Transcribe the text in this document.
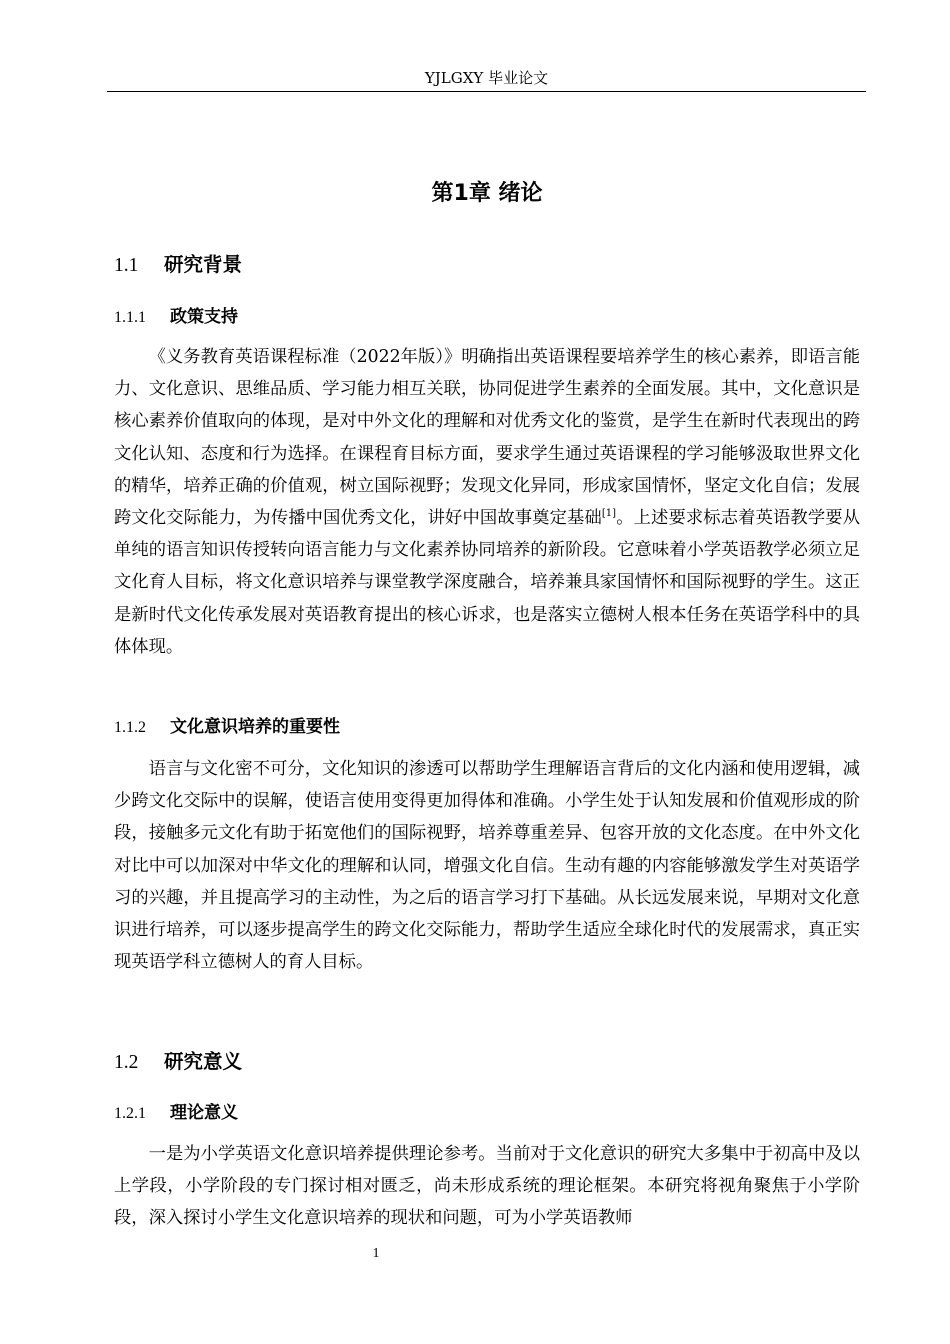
YJLGXY 毕业论文
第1章 绪论
1.1 研究背景
1.1.1 政策支持

《义务教育英语课程标准（2022年版）》明确指出英语课程要培养学生的核心素养，即语言能力、文化意识、思维品质、学习能力相互关联，协同促进学生素养的全面发展。其中，文化意识是核心素养价值取向的体现，是对中外文化的理解和对优秀文化的鉴赏，是学生在新时代表现出的跨文化认知、态度和行为选择。在课程育目标方面，要求学生通过英语课程的学习能够汲取世界文化的精华，培养正确的价值观，树立国际视野；发现文化异同，形成家国情怀，坚定文化自信；发展跨文化交际能力，为传播中国优秀文化，讲好中国故事奠定基础[1]。上述要求标志着英语教学要从单纯的语言知识传授转向语言能力与文化素养协同培养的新阶段。它意味着小学英语教学必须立足文化育人目标，将文化意识培养与课堂教学深度融合，培养兼具家国情怀和国际视野的学生。这正是新时代文化传承发展对英语教育提出的核心诉求，也是落实立德树人根本任务在英语学科中的具体体现。

1.1.2 文化意识培养的重要性

语言与文化密不可分，文化知识的渗透可以帮助学生理解语言背后的文化内涵和使用逻辑，减少跨文化交际中的误解，使语言使用变得更加得体和准确。小学生处于认知发展和价值观形成的阶段，接触多元文化有助于拓宽他们的国际视野，培养尊重差异、包容开放的文化态度。在中外文化对比中可以加深对中华文化的理解和认同，增强文化自信。生动有趣的内容能够激发学生对英语学习的兴趣，并且提高学习的主动性，为之后的语言学习打下基础。从长远发展来说，早期对文化意识进行培养，可以逐步提高学生的跨文化交际能力，帮助学生适应全球化时代的发展需求，真正实现英语学科立德树人的育人目标。

1.2 研究意义
1.2.1 理论意义

一是为小学英语文化意识培养提供理论参考。当前对于文化意识的研究大多集中于初高中及以上学段，小学阶段的专门探讨相对匮乏，尚未形成系统的理论框架。本研究将视角聚焦于小学阶段，深入探讨小学生文化意识培养的现状和问题，可为小学英语教师

1
